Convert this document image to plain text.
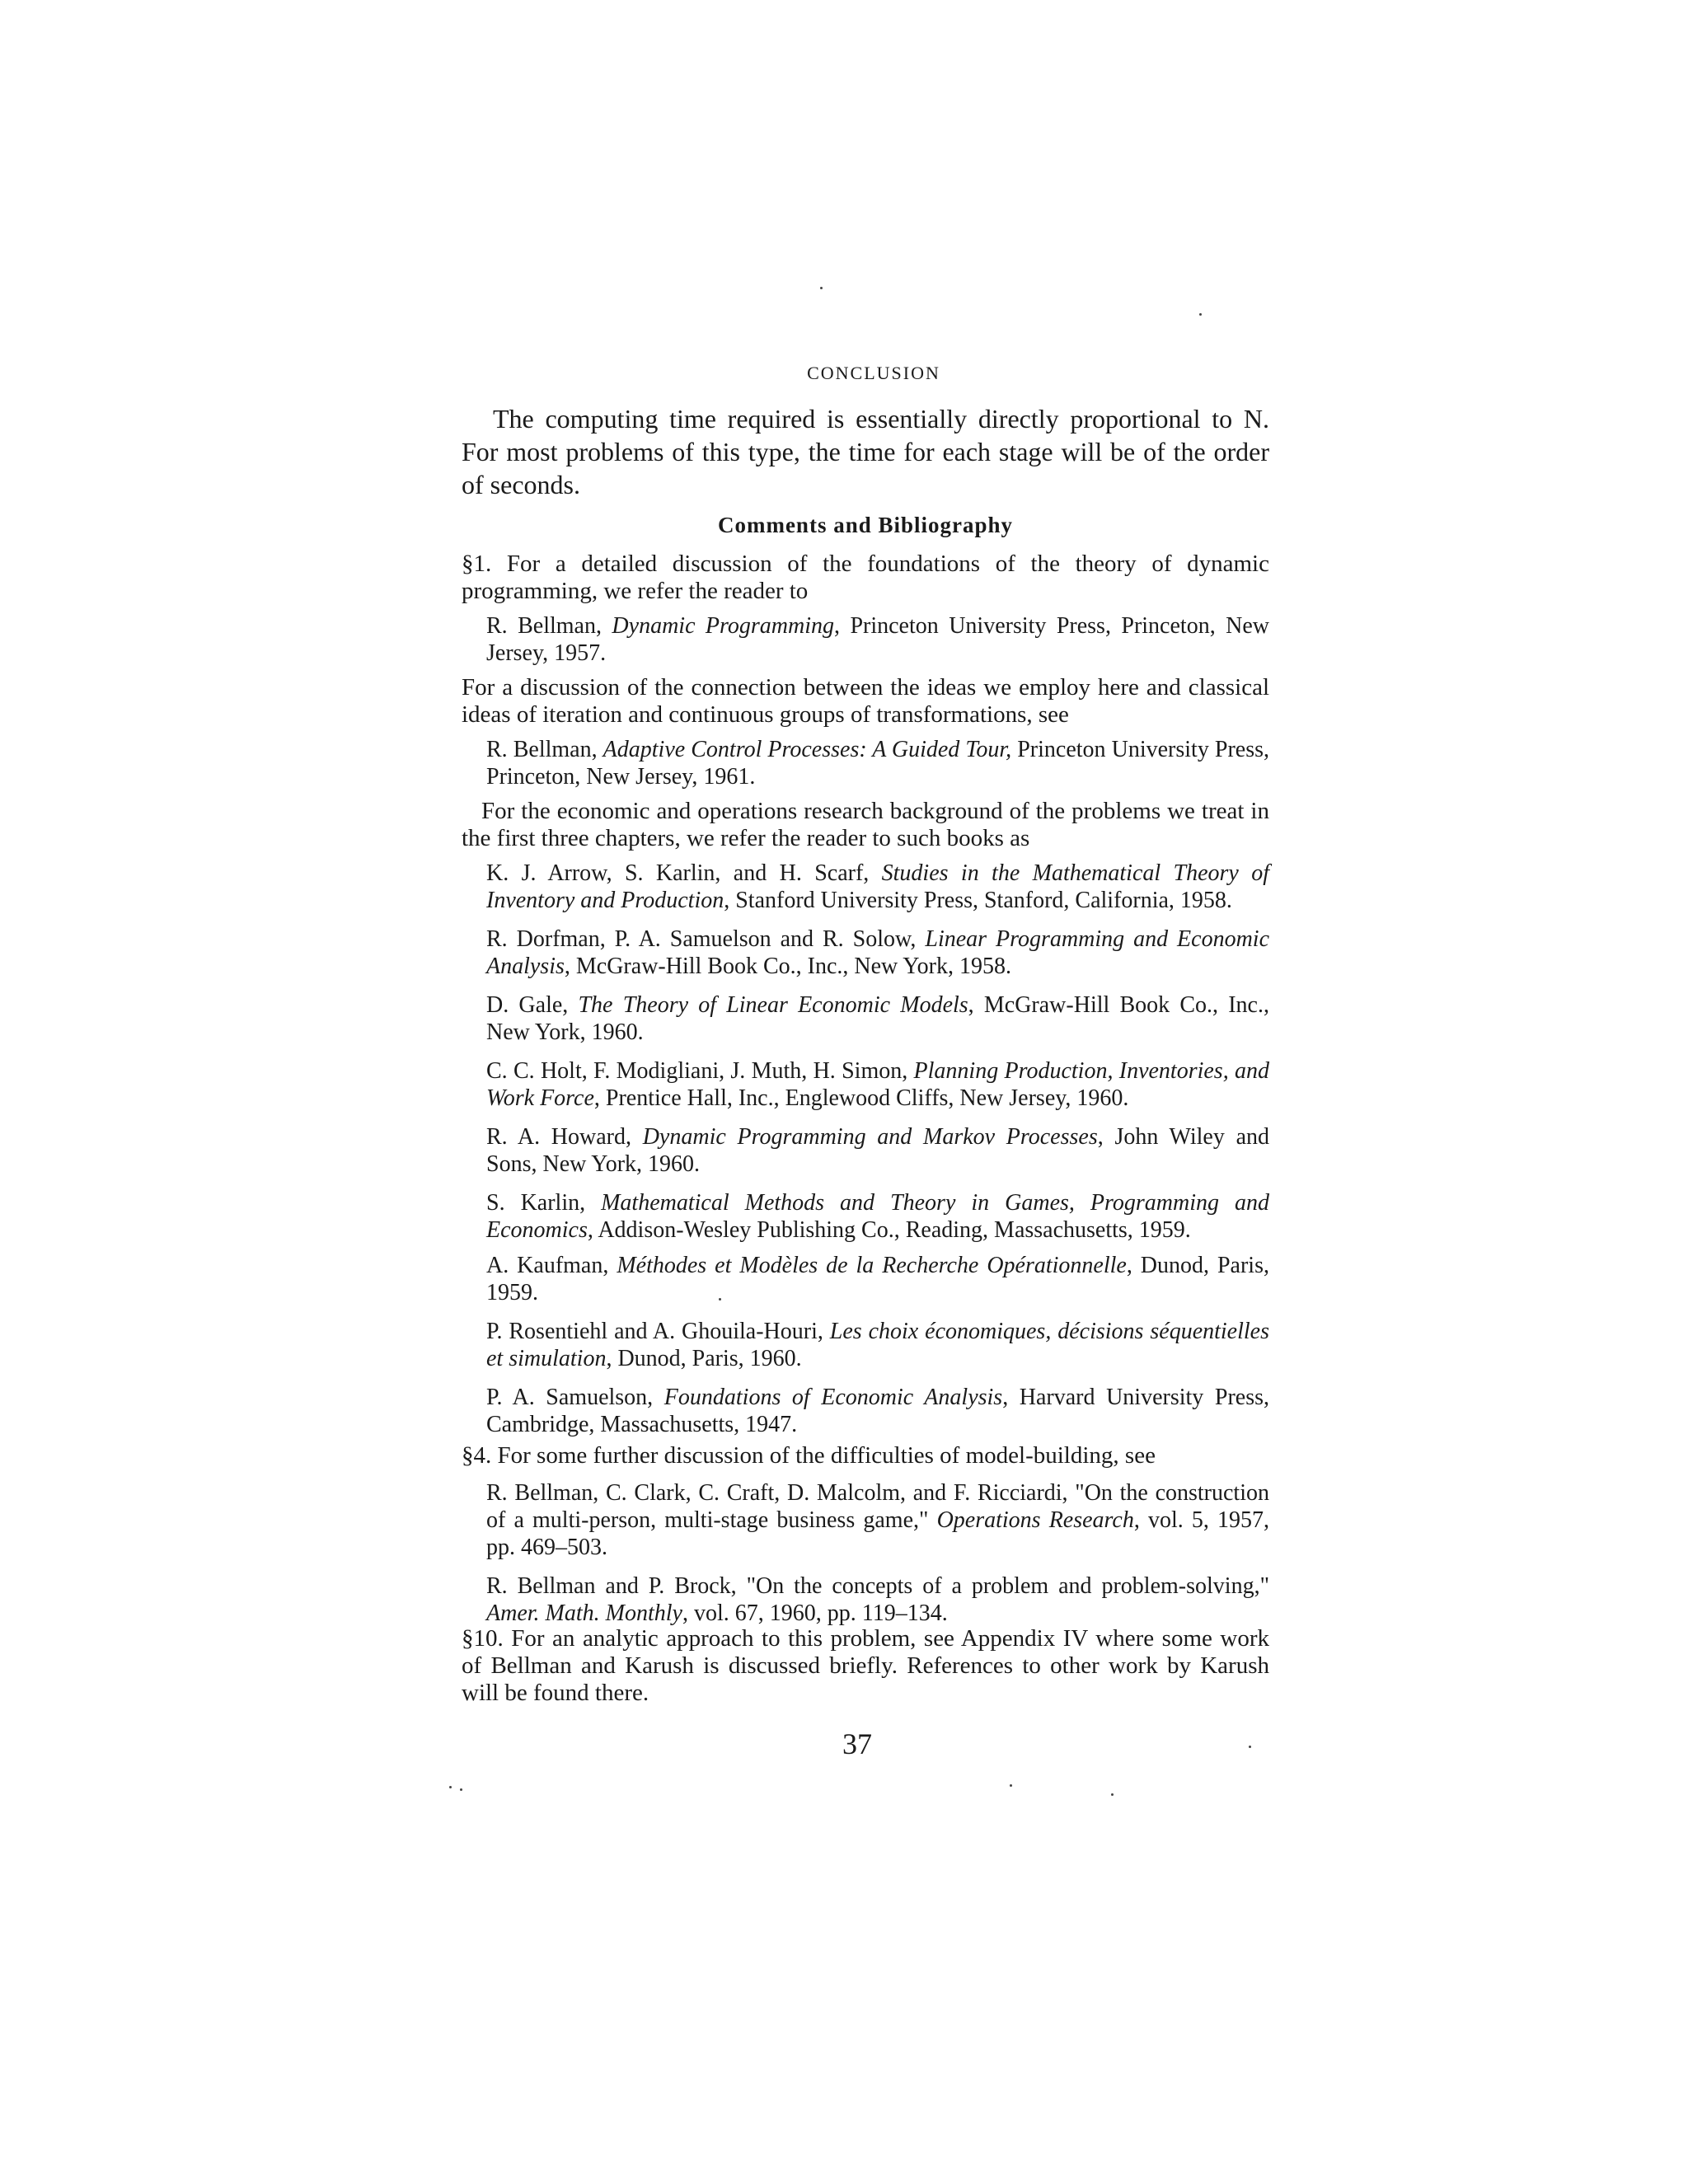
CONCLUSION

The computing time required is essentially directly proportional to N. For most problems of this type, the time for each stage will be of the order of seconds.

Comments and Bibliography

§1. For a detailed discussion of the foundations of the theory of dynamic programming, we refer the reader to

R. Bellman, Dynamic Programming, Princeton University Press, Princeton, New Jersey, 1957.

For a discussion of the connection between the ideas we employ here and classical ideas of iteration and continuous groups of transformations, see

R. Bellman, Adaptive Control Processes: A Guided Tour, Princeton University Press, Princeton, New Jersey, 1961.

For the economic and operations research background of the problems we treat in the first three chapters, we refer the reader to such books as

K. J. Arrow, S. Karlin, and H. Scarf, Studies in the Mathematical Theory of Inventory and Production, Stanford University Press, Stanford, California, 1958.

R. Dorfman, P. A. Samuelson and R. Solow, Linear Programming and Economic Analysis, McGraw-Hill Book Co., Inc., New York, 1958.

D. Gale, The Theory of Linear Economic Models, McGraw-Hill Book Co., Inc., New York, 1960.

C. C. Holt, F. Modigliani, J. Muth, H. Simon, Planning Production, Inventories, and Work Force, Prentice Hall, Inc., Englewood Cliffs, New Jersey, 1960.

R. A. Howard, Dynamic Programming and Markov Processes, John Wiley and Sons, New York, 1960.

S. Karlin, Mathematical Methods and Theory in Games, Programming and Economics, Addison-Wesley Publishing Co., Reading, Massachusetts, 1959.

A. Kaufman, Méthodes et Modèles de la Recherche Opérationnelle, Dunod, Paris, 1959.

P. Rosentiehl and A. Ghouila-Houri, Les choix économiques, décisions séquentielles et simulation, Dunod, Paris, 1960.

P. A. Samuelson, Foundations of Economic Analysis, Harvard University Press, Cambridge, Massachusetts, 1947.

§4. For some further discussion of the difficulties of model-building, see

R. Bellman, C. Clark, C. Craft, D. Malcolm, and F. Ricciardi, "On the construction of a multi-person, multi-stage business game," Operations Research, vol. 5, 1957, pp. 469–503.

R. Bellman and P. Brock, "On the concepts of a problem and problem-solving," Amer. Math. Monthly, vol. 67, 1960, pp. 119–134.

§10. For an analytic approach to this problem, see Appendix IV where some work of Bellman and Karush is discussed briefly. References to other work by Karush will be found there.

37
